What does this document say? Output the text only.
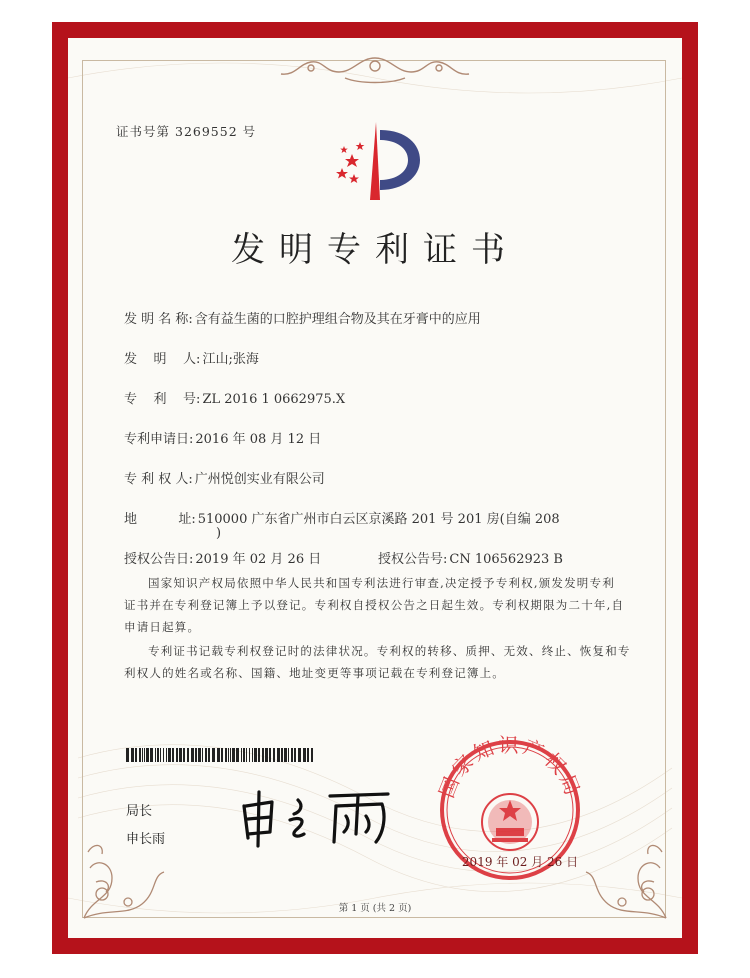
证书号第 3269552 号
发明专利证书
发 明 名 称: 含有益生菌的口腔护理组合物及其在牙膏中的应用
发    明    人: 江山;张海
专    利    号: ZL 2016 1 0662975.X
专利申请日: 2016 年 08 月 12 日
专 利 权 人: 广州悦创实业有限公司
地          址: 510000 广东省广州市白云区京溪路 201 号 201 房(自编 208
)
授权公告日: 2019 年 02 月 26 日	授权公告号: CN 106562923 B
国家知识产权局依照中华人民共和国专利法进行审查,决定授予专利权,颁发发明专利
证书并在专利登记簿上予以登记。专利权自授权公告之日起生效。专利权期限为二十年,自
申请日起算。
专利证书记载专利权登记时的法律状况。专利权的转移、质押、无效、终止、恢复和专
利权人的姓名或名称、国籍、地址变更等事项记载在专利登记簿上。
局长
申长雨
国家知识产权局
2019 年 02 月 26 日
第 1 页 (共 2 页)
